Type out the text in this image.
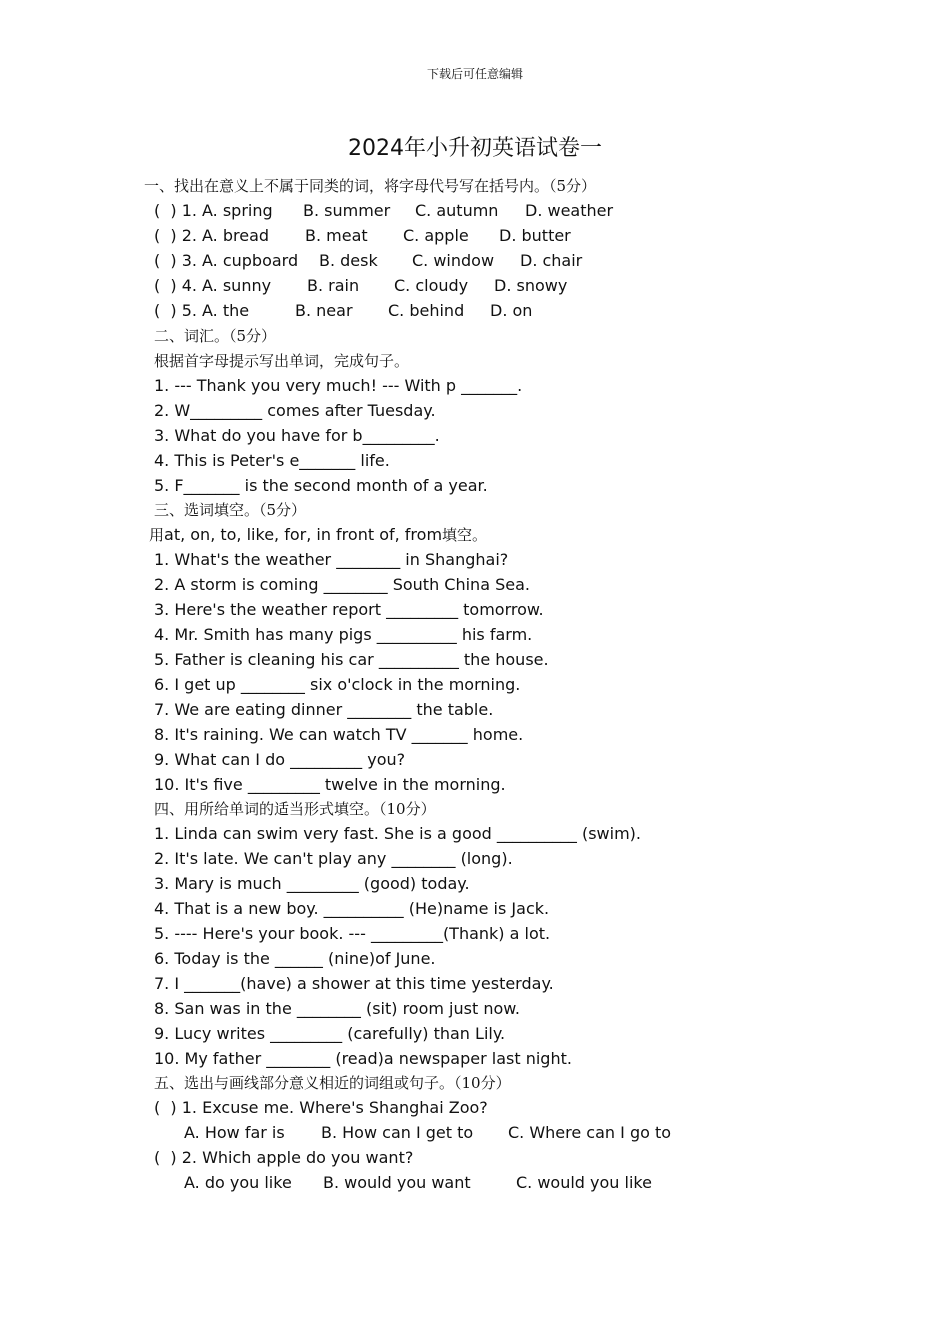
下载后可任意编辑
2024年小升初英语试卷一
一、找出在意义上不属于同类的词，将字母代号写在括号内。（5分）

(  ) 1.

A. spring

B. summer

C. autumn

D. weather

(  ) 2.

A. bread

B. meat

C. apple

D. butter

(  ) 3.

A. cupboard

B. desk

C. window

D. chair

(  ) 4.

A. sunny

B. rain

C. cloudy

D. snowy

(  ) 5.

A. the

	B. near

C. behind

D. on

二、词汇。（5分）
根据首字母提示写出单词，完成句子。
1. --- Thank you very much! --- With p _______.
2. W_________ comes after Tuesday.
3. What do you have for b_________.
4. This is Peter's e_______ life.
5. F_______ is the second month of a year.
三、选词填空。（5分）
用at, on, to, like, for, in front of, from填空。
1. What's the weather ________ in Shanghai?
2. A storm is coming ________ South China Sea.
3. Here's the weather report _________ tomorrow.
4. Mr. Smith has many pigs __________ his farm.
5. Father is cleaning his car __________ the house.
6. I get up ________ six o'clock in the morning.
7. We are eating dinner ________ the table.
8. It's raining. We can watch TV _______ home.
9. What can I do _________ you?
10. It's five _________ twelve in the morning.
四、用所给单词的适当形式填空。（10分）
1. Linda can swim very fast. She is a good __________ (swim).
2. It's late. We can't play any ________ (long).
3. Mary is much _________ (good) today.
4. That is a new boy. __________ (He)name is Jack.
5. ---- Here's your book. --- _________(Thank) a lot.
6. Today is the ______ (nine)of June.
7. I _______(have) a shower at this time yesterday.
8. San was in the ________ (sit) room just now.
9. Lucy writes _________ (carefully) than Lily.
10. My father ________ (read)a newspaper last night.
五、选出与画线部分意义相近的词组或句子。（10分）
(  ) 1. Excuse me. Where's Shanghai Zoo?

A. How far is

B. How can I get to

C. Where can I go to

(  ) 2. Which apple do you want?

A. do you like

B. would you want

	C. would you like
